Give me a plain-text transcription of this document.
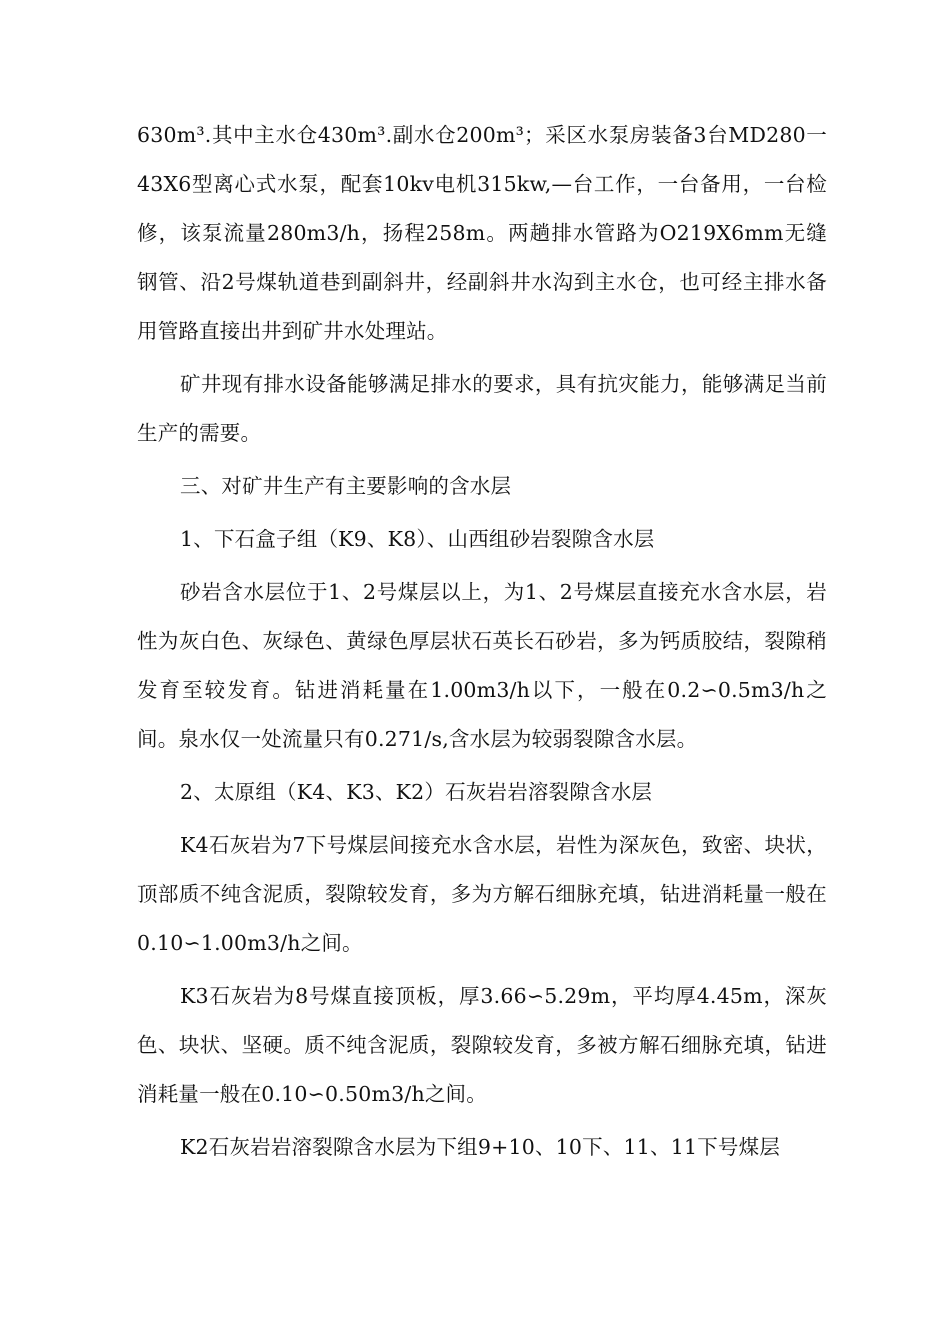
630m³.其中主水仓430m³.副水仓200m³；采区水泵房装备3台MD280一43X6型离心式水泵，配套10kv电机315kw,—台工作，一台备用，一台检修，该泵流量280m3/h，扬程258m。两趟排水管路为O219X6mm无缝钢管、沿2号煤轨道巷到副斜井，经副斜井水沟到主水仓，也可经主排水备用管路直接出井到矿井水处理站。

矿井现有排水设备能够满足排水的要求，具有抗灾能力，能够满足当前生产的需要。

三、对矿井生产有主要影响的含水层

1、下石盒子组（K9、K8）、山西组砂岩裂隙含水层

砂岩含水层位于1、2号煤层以上，为1、2号煤层直接充水含水层，岩性为灰白色、灰绿色、黄绿色厚层状石英长石砂岩，多为钙质胶结，裂隙稍发育至较发育。钻进消耗量在1.00m3/h以下，一般在0.2∽0.5m3/h之间。泉水仅一处流量只有0.271/s,含水层为较弱裂隙含水层。

2、太原组（K4、K3、K2）石灰岩岩溶裂隙含水层

K4石灰岩为7下号煤层间接充水含水层，岩性为深灰色，致密、块状，顶部质不纯含泥质，裂隙较发育，多为方解石细脉充填，钻进消耗量一般在0.10∽1.00m3/h之间。

K3石灰岩为8号煤直接顶板，厚3.66∽5.29m，平均厚4.45m，深灰色、块状、坚硬。质不纯含泥质，裂隙较发育，多被方解石细脉充填，钻进消耗量一般在0.10∽0.50m3/h之间。

K2石灰岩岩溶裂隙含水层为下组9+10、10下、11、11下号煤层
